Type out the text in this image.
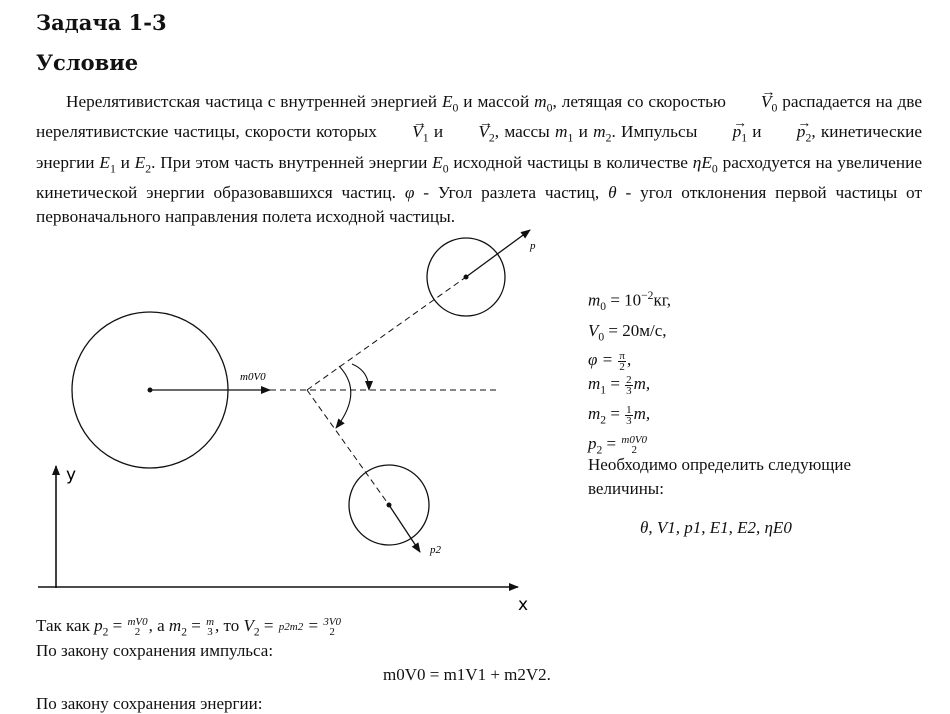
Задача 1-3
Условие

Нерелятивистская частица с внутренней энергией $E_0$ и массой $m_0$, летящая со скоростью → $V_0$ распадается на две нерелятивистские частицы, скорости которых → $V_1$ $и \to V_2$, массы $m_1$ и $m_2$. Импульсы → $p_1$ $и \to p_2$, кинетические энергии $E_1$ и $E_2$. При этом часть внутренней энергии $E_0$ исходной частицы в количестве $\eta E_0$ расходуется на увеличение кинетической энергии образовавшихся частиц. φ - Угол разлета частиц, θ - угол отклонения первой частицы от первоначального направления полета исходной частицы.

m0V0
p
p2
y
x
$m_0 = 10^{-2}кг$,
$V_0 = 20м/с$,
$\varphi = \frac{\pi}{2}$ ,
$m_1 = \frac{2}{3} m$,
$m_2 = \frac{1}{3} m$,
$p_2 = m0V0$
2
Необходимо определить следующие величины:
θ, V1, p1, E1, E2, ηE0
Так как $p_2 = mV0$
2 , а $m_2 = m$
3 , то $V_2 = p2m2 = 3V0$
2
По закону сохранения импульса:
m0V0 = m1V1 + m2V2.
По закону сохранения энергии:
